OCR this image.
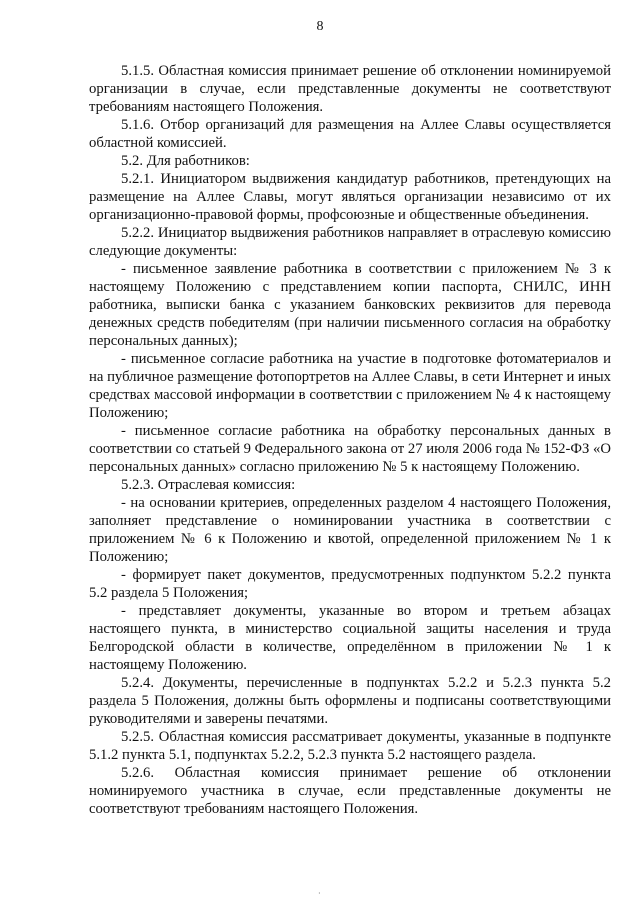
8

5.1.5. Областная комиссия принимает решение об отклонении номинируемой организации в случае, если представленные документы не соответствуют требованиям настоящего Положения.

5.1.6. Отбор организаций для размещения на Аллее Славы осуществляется областной комиссией.

5.2. Для работников:

5.2.1. Инициатором выдвижения кандидатур работников, претендующих на размещение на Аллее Славы, могут являться организации независимо от их организационно-правовой формы, профсоюзные и общественные объединения.

5.2.2. Инициатор выдвижения работников направляет в отраслевую комиссию следующие документы:

- письменное заявление работника в соответствии с приложением № 3 к настоящему Положению с представлением копии паспорта, СНИЛС, ИНН работника, выписки банка с указанием банковских реквизитов для перевода денежных средств победителям (при наличии письменного согласия на обработку персональных данных);

- письменное согласие работника на участие в подготовке фотоматериалов и на публичное размещение фотопортретов на Аллее Славы, в сети Интернет и иных средствах массовой информации в соответствии с приложением № 4 к настоящему Положению;

- письменное согласие работника на обработку персональных данных в соответствии со статьей 9 Федерального закона от 27 июля 2006 года № 152-ФЗ «О персональных данных» согласно приложению № 5 к настоящему Положению.

5.2.3. Отраслевая комиссия:

- на основании критериев, определенных разделом 4 настоящего Положения, заполняет представление о номинировании участника в соответствии с приложением № 6 к Положению и квотой, определенной приложением № 1 к Положению;

- формирует пакет документов, предусмотренных подпунктом 5.2.2 пункта 5.2 раздела 5 Положения;

- представляет документы, указанные во втором и третьем абзацах настоящего пункта, в министерство социальной защиты населения и труда Белгородской области в количестве, определённом в приложении № 1 к настоящему Положению.

5.2.4. Документы, перечисленные в подпунктах 5.2.2 и 5.2.3 пункта 5.2 раздела 5 Положения, должны быть оформлены и подписаны соответствующими руководителями и заверены печатями.

5.2.5. Областная комиссия рассматривает документы, указанные в подпункте 5.1.2 пункта 5.1, подпунктах 5.2.2, 5.2.3 пункта 5.2 настоящего раздела.

5.2.6. Областная комиссия принимает решение об отклонении номинируемого участника в случае, если представленные документы не соответствуют требованиям настоящего Положения.

·
